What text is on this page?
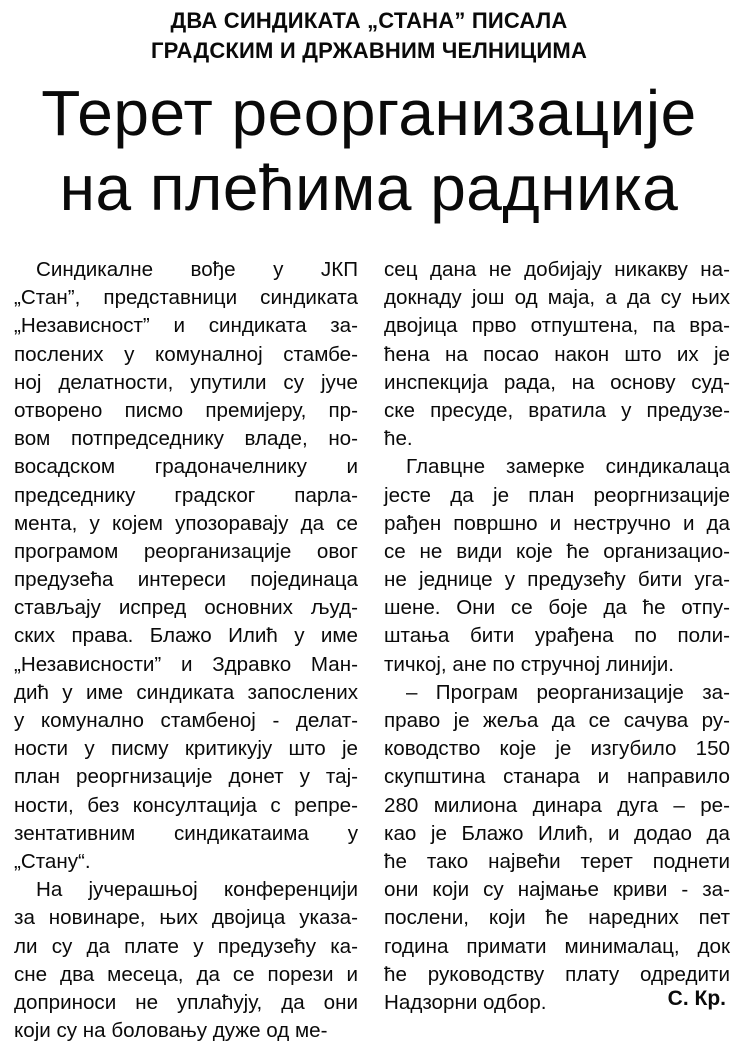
ДВА СИНДИКАТА „СТАНА” ПИСАЛА
ГРАДСКИМ И ДРЖАВНИМ ЧЕЛНИЦИМА
Терет реорганизације
на плећима радника
Синдикалне вође у ЈКП
„Стан”, представници синдиката
„Независност” и синдиката за-
послених у комуналној стамбе-
ној делатности, упутили су јуче
отворено писмо премијеру, пр-
вом потпредседнику владе, но-
восадском градоначелнику и
председнику градског парла-
мента, у којем упозоравају да се
програмом реорганизације овог
предузећа интереси појединаца
стављају испред основних људ-
ских права. Блажо Илић у име
„Независности” и Здравко Ман-
дић у име синдиката запослених
у комунално стамбеној - делат-
ности у писму критикују што је
план реоргнизације донет у тај-
ности, без консултација с репре-
зентативним синдикатаима у
„Стану“.
На јучерашњој конференцији
за новинаре, њих двојица указа-
ли су да плате у предузећу ка-
сне два месеца, да се порези и
доприноси не уплаћују, да они
који су на боловању дуже од ме-
сец дана не добијају никакву на-
докнаду још од маја, а да су њих
двојица прво отпуштена, па вра-
ћена на посао након што их је
инспекција рада, на основу суд-
ске пресуде, вратила у предузе-
ће.
Главцне замерке синдикалаца
јесте да је план реоргнизације
рађен површно и нестручно и да
се не види које ће организацио-
не једнице у предузећу бити уга-
шене. Они се боје да ће отпу-
штања бити урађена по поли-
тичкој, ане по стручној линији.
– Програм реорганизације за-
право је жеља да се сачува ру-
ководство које је изгубило 150
скупштина станара и направило
280 милиона динара дуга – ре-
као је Блажо Илић, и додао да
ће тако највећи терет поднети
они који су најмање криви - за-
послени, који ће наредних пет
година примати минималац, док
ће руководству плату одредити
Надзорни одбор.	С. Кр.
